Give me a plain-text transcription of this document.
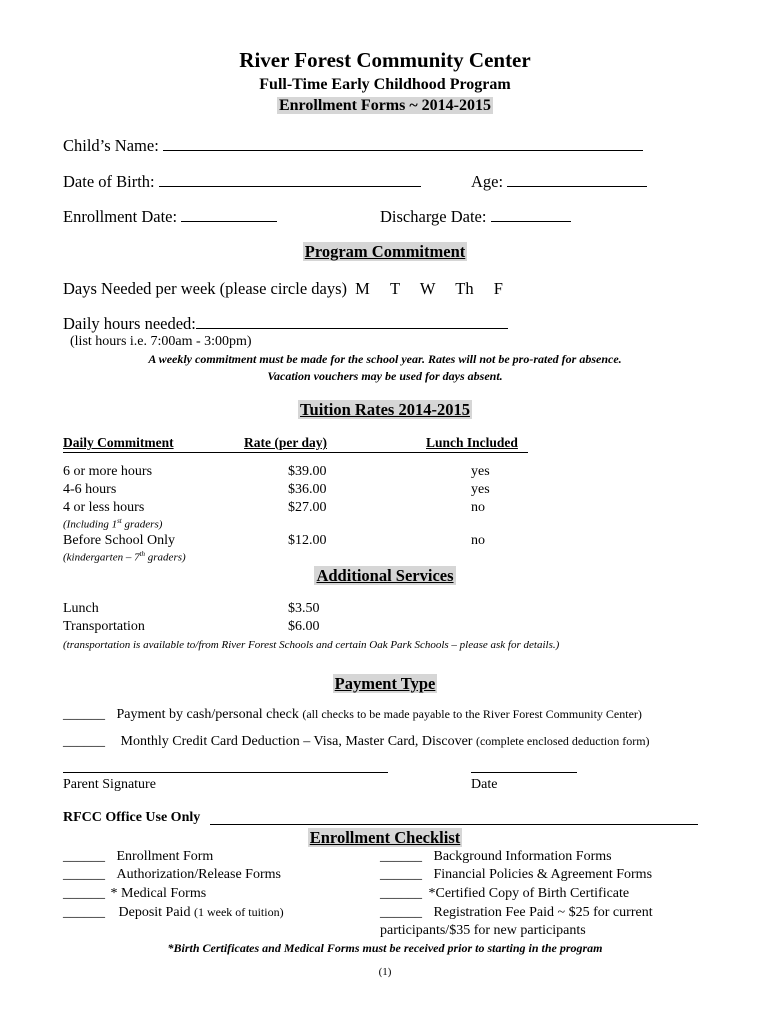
River Forest Community Center
Full-Time Early Childhood Program
Enrollment Forms ~ 2014-2015
Child’s Name:
Date of Birth:	Age:
Enrollment Date:	Discharge Date:
Program Commitment
Days Needed per week (please circle days) M T W Th F
Daily hours needed:
(list hours i.e. 7:00am - 3:00pm)
A weekly commitment must be made for the school year. Rates will not be pro-rated for absence.
Vacation vouchers may be used for days absent.
Tuition Rates 2014-2015
Daily Commitment	Rate (per day)	Lunch Included
6 or more hours	$39.00	yes
4-6 hours	$36.00	yes
4 or less hours	$27.00	no
(Including 1st graders)
Before School Only	$12.00	no
(kindergarten – 7th graders)
Additional Services
Lunch	$3.50
Transportation	$6.00
(transportation is available to/from River Forest Schools and certain Oak Park Schools – please ask for details.)
Payment Type
______ Payment by cash/personal check (all checks to be made payable to the River Forest Community Center)
______ Monthly Credit Card Deduction – Visa, Master Card, Discover (complete enclosed deduction form)
Parent Signature	Date
RFCC Office Use Only
Enrollment Checklist
______ Enrollment Form
______ Authorization/Release Forms
______ * Medical Forms
______ Deposit Paid (1 week of tuition)
______ Background Information Forms
______ Financial Policies & Agreement Forms
______ *Certified Copy of Birth Certificate
______ Registration Fee Paid ~ $25 for current
participants/$35 for new participants
*Birth Certificates and Medical Forms must be received prior to starting in the program
(1)
